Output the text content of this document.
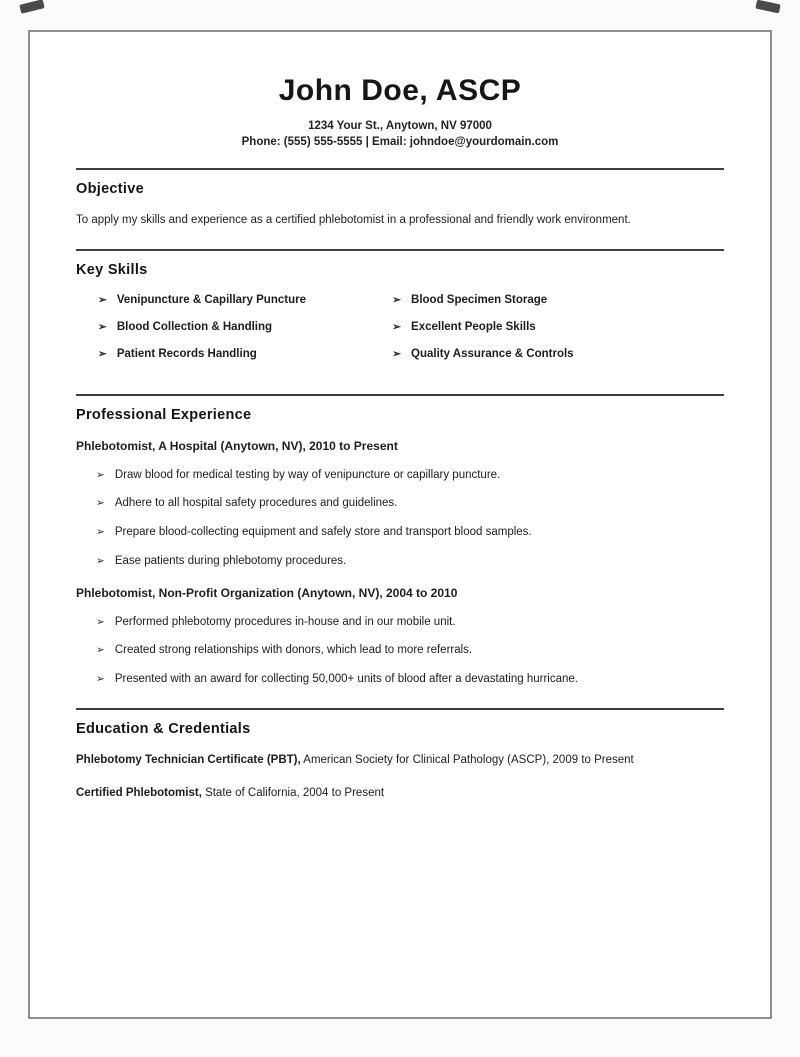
John Doe, ASCP
1234 Your St., Anytown, NV 97000
Phone: (555) 555-5555 | Email: johndoe@yourdomain.com
Objective

To apply my skills and experience as a certified phlebotomist in a professional and friendly work environment.

Key Skills
➢ Venipuncture & Capillary Puncture
➢ Blood Collection & Handling
➢ Patient Records Handling
➢ Blood Specimen Storage
➢ Excellent People Skills
➢ Quality Assurance & Controls
Professional Experience
Phlebotomist, A Hospital (Anytown, NV), 2010 to Present
➢ Draw blood for medical testing by way of venipuncture or capillary puncture.
➢ Adhere to all hospital safety procedures and guidelines.
➢ Prepare blood-collecting equipment and safely store and transport blood samples.
➢ Ease patients during phlebotomy procedures.
Phlebotomist, Non-Profit Organization (Anytown, NV), 2004 to 2010
➢ Performed phlebotomy procedures in-house and in our mobile unit.
➢ Created strong relationships with donors, which lead to more referrals.
➢ Presented with an award for collecting 50,000+ units of blood after a devastating hurricane.
Education & Credentials

Phlebotomy Technician Certificate (PBT), American Society for Clinical Pathology (ASCP), 2009 to Present

Certified Phlebotomist, State of California, 2004 to Present
